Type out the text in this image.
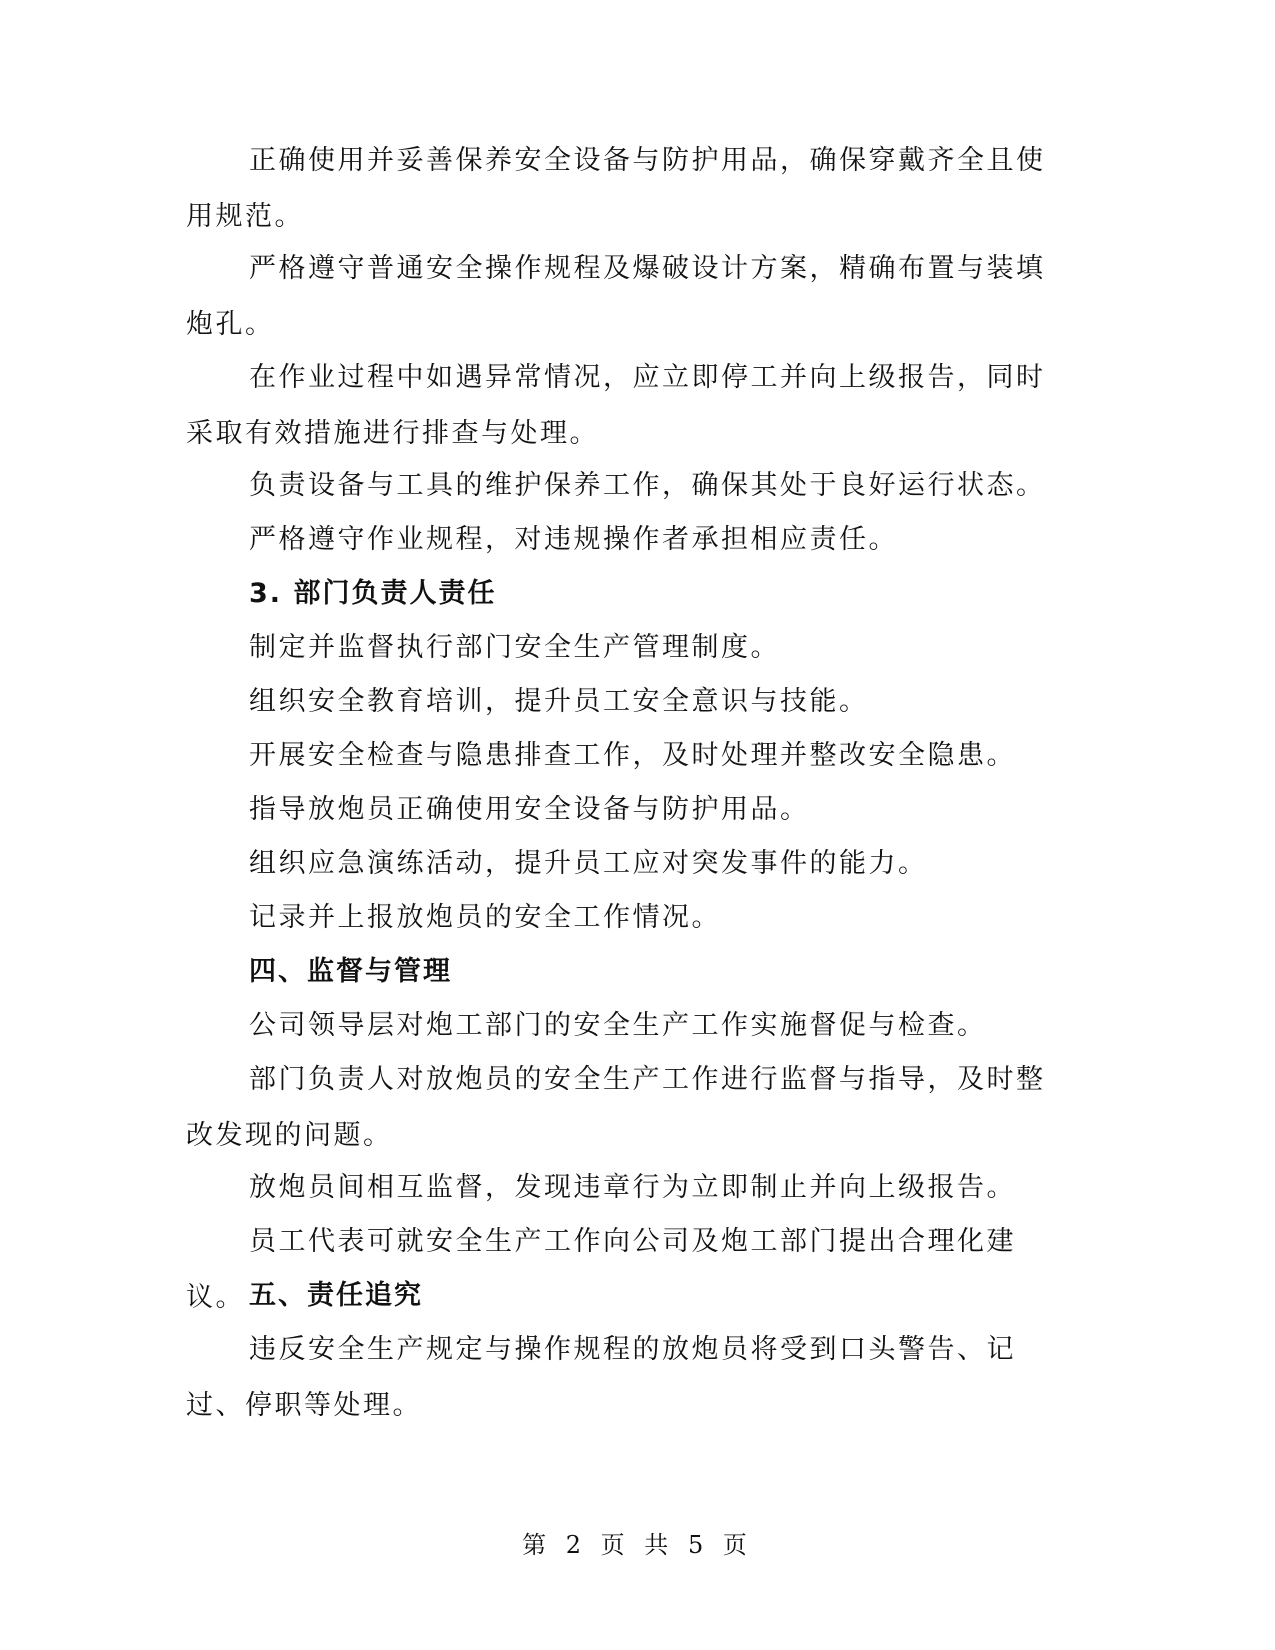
正确使用并妥善保养安全设备与防护用品，确保穿戴齐全且使用规范。

严格遵守普通安全操作规程及爆破设计方案，精确布置与装填炮孔。

在作业过程中如遇异常情况，应立即停工并向上级报告，同时采取有效措施进行排查与处理。

负责设备与工具的维护保养工作，确保其处于良好运行状态。

严格遵守作业规程，对违规操作者承担相应责任。

3. 部门负责人责任

制定并监督执行部门安全生产管理制度。

组织安全教育培训，提升员工安全意识与技能。

开展安全检查与隐患排查工作，及时处理并整改安全隐患。

指导放炮员正确使用安全设备与防护用品。

组织应急演练活动，提升员工应对突发事件的能力。

记录并上报放炮员的安全工作情况。

四、监督与管理

公司领导层对炮工部门的安全生产工作实施督促与检查。

部门负责人对放炮员的安全生产工作进行监督与指导，及时整改发现的问题。

放炮员间相互监督，发现违章行为立即制止并向上级报告。

员工代表可就安全生产工作向公司及炮工部门提出合理化建议。 五、责任追究

违反安全生产规定与操作规程的放炮员将受到口头警告、记过、停职等处理。

第 2 页 共 5 页
